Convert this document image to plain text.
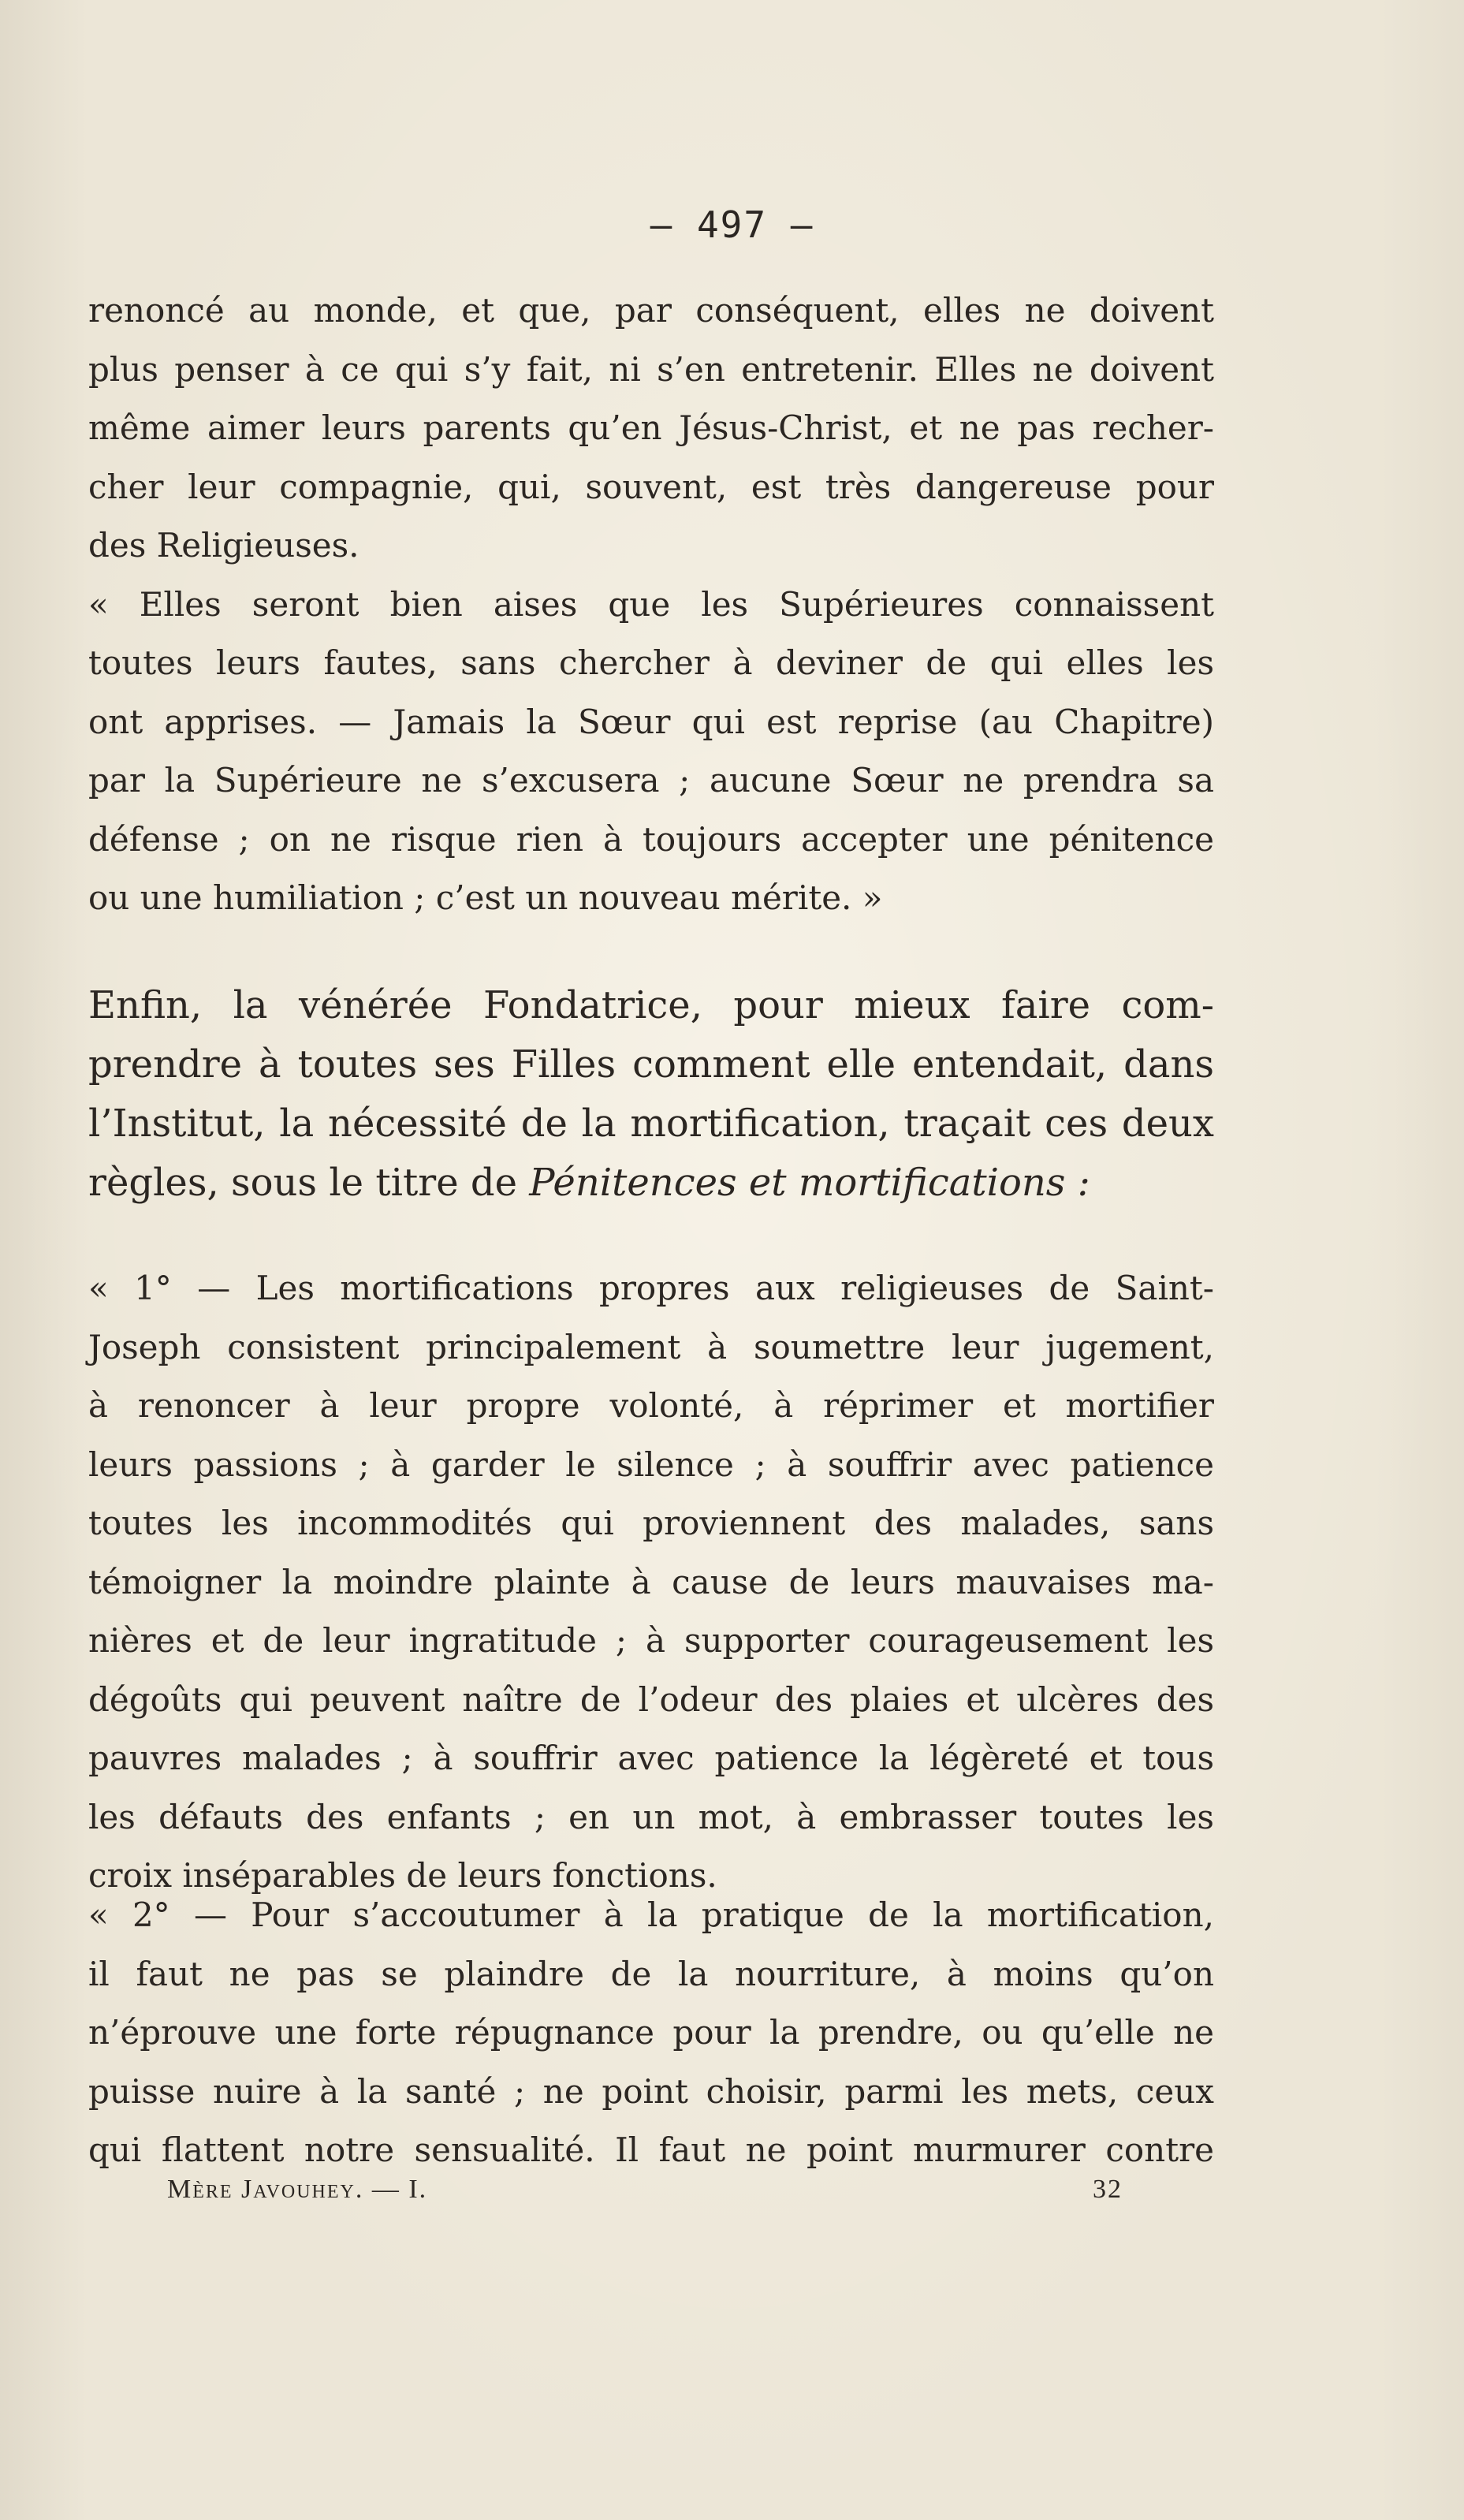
— 497 —
renoncé au monde, et que, par conséquent, elles ne doivent
plus penser à ce qui s’y fait, ni s’en entretenir. Elles ne doivent
même aimer leurs parents qu’en Jésus-Christ, et ne pas recher-
cher leur compagnie, qui, souvent, est très dangereuse pour
des Religieuses.
« Elles seront bien aises que les Supérieures connaissent
toutes leurs fautes, sans chercher à deviner de qui elles les
ont apprises. — Jamais la Sœur qui est reprise (au Chapitre)
par la Supérieure ne s’excusera ; aucune Sœur ne prendra sa
défense ; on ne risque rien à toujours accepter une pénitence
ou une humiliation ; c’est un nouveau mérite. »
Enfin, la vénérée Fondatrice, pour mieux faire com-
prendre à toutes ses Filles comment elle entendait, dans
l’Institut, la nécessité de la mortification, traçait ces deux
règles, sous le titre de Pénitences et mortifications :
« 1° — Les mortifications propres aux religieuses de Saint-
Joseph consistent principalement à soumettre leur jugement,
à renoncer à leur propre volonté, à réprimer et mortifier
leurs passions ; à garder le silence ; à souffrir avec patience
toutes les incommodités qui proviennent des malades, sans
témoigner la moindre plainte à cause de leurs mauvaises ma-
nières et de leur ingratitude ; à supporter courageusement les
dégoûts qui peuvent naître de l’odeur des plaies et ulcères des
pauvres malades ; à souffrir avec patience la légèreté et tous
les défauts des enfants ; en un mot, à embrasser toutes les
croix inséparables de leurs fonctions.
« 2° — Pour s’accoutumer à la pratique de la mortification,
il faut ne pas se plaindre de la nourriture, à moins qu’on
n’éprouve une forte répugnance pour la prendre, ou qu’elle ne
puisse nuire à la santé ; ne point choisir, parmi les mets, ceux
qui flattent notre sensualité. Il faut ne point murmurer contre
Mère Javouhey. — I.	32
